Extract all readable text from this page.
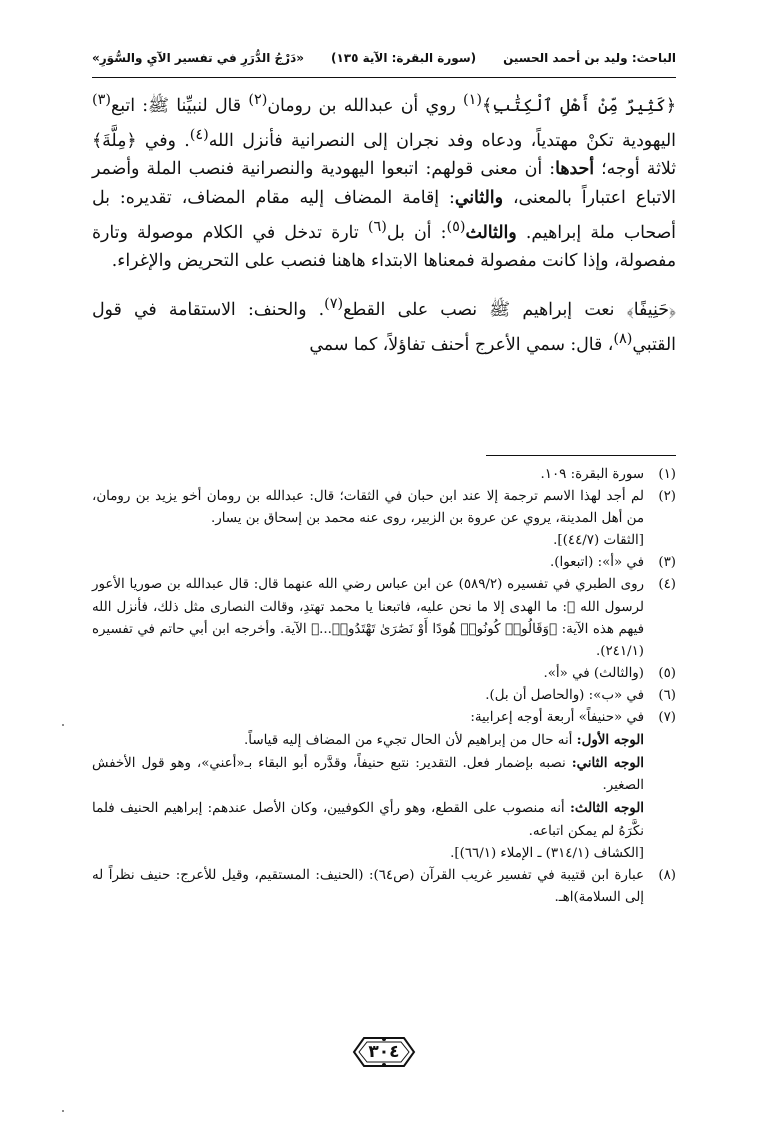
الباحث: وليد بن أحمد الحسين
(سورة البقرة: الآية ١٣٥)
«دَرْجُ الدُّرَرِ في تفسير الآيِ والسُّوَرِ»

﴿كَثِيرٌ مِّنْ أَهْلِ ٱلْكِتَٰبِ﴾$^{(١)}$ روي أن عبدالله بن رومان$^{(٢)}$ قال لنبيِّنا ﷺ: اتبع$^{(٣)}$ اليهودية تكنْ مهتدياً، ودعاه وفد نجران إلى النصرانية فأنزل الله$^{(٤)}$. وفي ﴿مِلَّةَ﴾ ثلاثة أوجه؛ أحدها: أن معنى قولهم: اتبعوا اليهودية والنصرانية فنصب الملة وأضمر الاتباع اعتباراً بالمعنى، والثاني: إقامة المضاف إليه مقام المضاف، تقديره: بل أصحاب ملة إبراهيم. والثالث$^{(٥)}$: أن بل$^{(٦)}$ تارة تدخل في الكلام موصولة وتارة مفصولة، وإذا كانت مفصولة فمعناها الابتداء هاهنا فنصب على التحريض والإغراء.

﴿حَنِيفًا﴾ نعت إبراهيم ﷺ نصب على القطع$^{(٧)}$. والحنف: الاستقامة في قول القتبي$^{(٨)}$، قال: سمي الأعرج أحنف تفاؤلاً، كما سمي

(١)
سورة البقرة: ١٠٩.
(٢)
لم أجد لهذا الاسم ترجمة إلا عند ابن حبان في الثقات؛ قال: عبدالله بن رومان أخو يزيد بن رومان، من أهل المدينة، يروي عن عروة بن الزبير، روى عنه محمد بن إسحاق بن يسار.
[الثقات (٤٤/٧)].
(٣)
في «أ»: (اتبعوا).
(٤)
روى الطبري في تفسيره (٥٨٩/٢) عن ابن عباس رضي الله عنهما قال: قال عبدالله بن صوريا الأعور لرسول الله ﷺ: ما الهدى إلا ما نحن عليه، فاتبعنا يا محمد تهتدِ، وقالت النصارى مثل ذلك، فأنزل الله فيهم هذه الآية: ﴿وَقَالُوا۟ كُونُوا۟ هُودًا أَوْ نَصَٰرَىٰ تَهْتَدُوا۟...﴾ الآية. وأخرجه ابن أبي حاتم في تفسيره (٢٤١/١).
(٥)
(والثالث) في «أ».
(٦)
في «ب»: (والحاصل أن بل).
(٧)
في «حنيفاً» أربعة أوجه إعرابية:
الوجه الأول: أنه حال من إبراهيم لأن الحال تجيء من المضاف إليه قياساً.
الوجه الثاني: نصبه بإضمار فعل. التقدير: نتبع حنيفاً، وقدَّره أبو البقاء بـ«أعني»، وهو قول الأخفش الصغير.
الوجه الثالث: أنه منصوب على القطع، وهو رأي الكوفيين، وكان الأصل عندهم: إبراهيم الحنيف فلما نكَّرَهُ لم يمكن اتباعه.
[الكشاف (٣١٤/١) ـ الإملاء (٦٦/١)].
(٨)
عبارة ابن قتيبة في تفسير غريب القرآن (ص٦٤): (الحنيف: المستقيم، وقيل للأعرج: حنيف نظراً له إلى السلامة)اهـ.
٣٠٤
